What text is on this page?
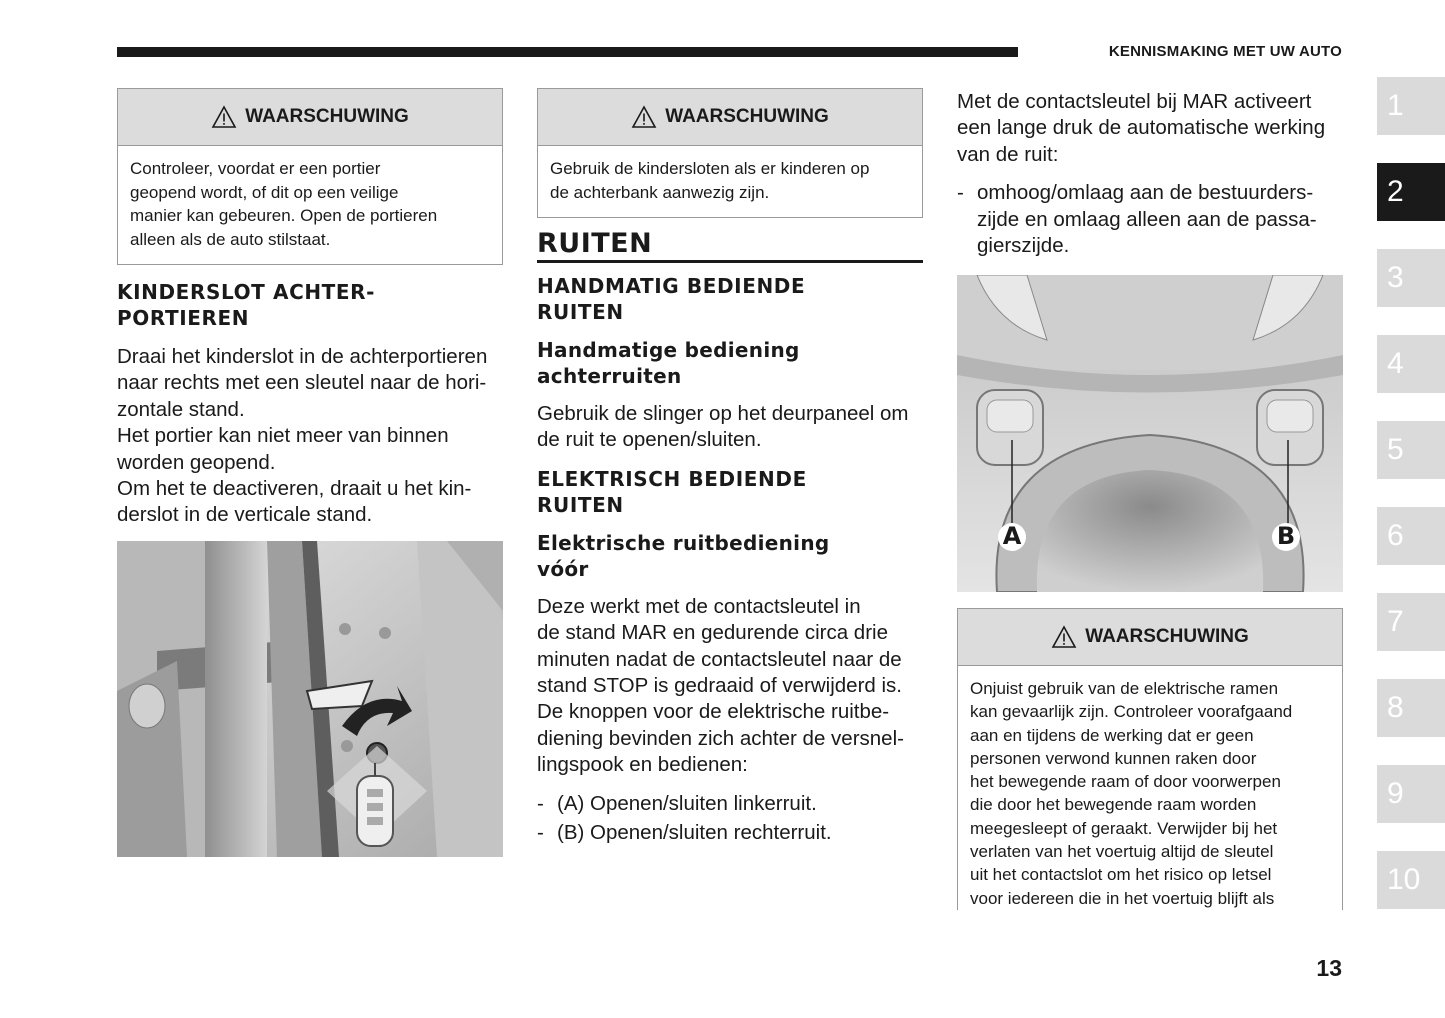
KENNISMAKING MET UW AUTO
WAARSCHUWING
Controleer, voordat er een portier
geopend wordt, of dit op een veilige
manier kan gebeuren. Open de portieren
alleen als de auto stilstaat.
KINDERSLOT ACHTER-
PORTIEREN
Draai het kinderslot in de achterportieren
naar rechts met een sleutel naar de hori-
zontale stand.
Het portier kan niet meer van binnen
worden geopend.
Om het te deactiveren, draait u het kin-
derslot in de verticale stand.
WAARSCHUWING
Gebruik de kindersloten als er kinderen op
de achterbank aanwezig zijn.
RUITEN
HANDMATIG BEDIENDE
RUITEN
Handmatige bediening
achterruiten
Gebruik de slinger op het deurpaneel om
de ruit te openen/sluiten.
ELEKTRISCH BEDIENDE
RUITEN
Elektrische ruitbediening
vóór
Deze werkt met de contactsleutel in
de stand MAR en gedurende circa drie
minuten nadat de contactsleutel naar de
stand STOP is gedraaid of verwijderd is.
De knoppen voor de elektrische ruitbe-
diening bevinden zich achter de versnel-
lingspook en bedienen:
- (A) Openen/sluiten linkerruit.
- (B) Openen/sluiten rechterruit.
Met de contactsleutel bij MAR activeert
een lange druk de automatische werking
van de ruit:
- omhoog/omlaag aan de bestuurders-
zijde en omlaag alleen aan de passa-
gierszijde.
A	B
WAARSCHUWING
Onjuist gebruik van de elektrische ramen
kan gevaarlijk zijn. Controleer voorafgaand
aan en tijdens de werking dat er geen
personen verwond kunnen raken door
het bewegende raam of door voorwerpen
die door het bewegende raam worden
meegesleept of geraakt. Verwijder bij het
verlaten van het voertuig altijd de sleutel
uit het contactslot om het risico op letsel
voor iedereen die in het voertuig blijft als
1
2
3
4
5
6
7
8
9
10
13
